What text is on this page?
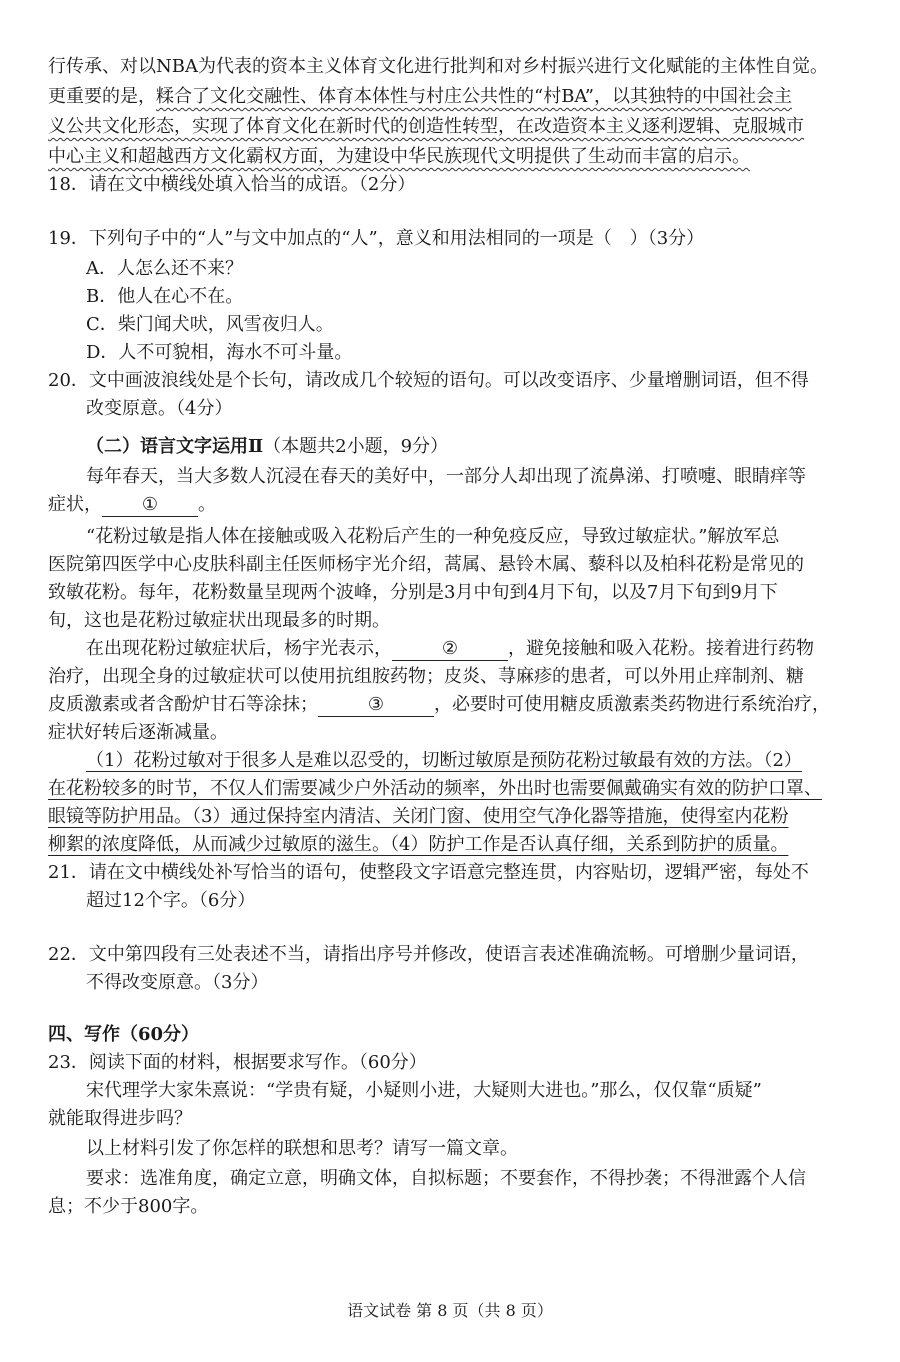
行传承、对以NBA为代表的资本主义体育文化进行批判和对乡村振兴进行文化赋能的主体性自觉。
更重要的是，糅合了文化交融性、体育本体性与村庄公共性的“村BA”，以其独特的中国社会主
义公共文化形态，实现了体育文化在新时代的创造性转型，在改造资本主义逐利逻辑、克服城市
中心主义和超越西方文化霸权方面，为建设中华民族现代文明提供了生动而丰富的启示。
18．请在文中横线处填入恰当的成语。（2分）
19．下列句子中的“人”与文中加点的“人”，意义和用法相同的一项是（　）（3分）
A．人怎么还不来？
B．他人在心不在。
C．柴门闻犬吠，风雪夜归人。
D．人不可貌相，海水不可斗量。
20．文中画波浪线处是个长句，请改成几个较短的语句。可以改变语序、少量增删词语，但不得
改变原意。（4分）
（二）语言文字运用Ⅱ（本题共2小题，9分）
每年春天，当大多数人沉浸在春天的美好中，一部分人却出现了流鼻涕、打喷嚏、眼睛痒等
症状， ① 。
“花粉过敏是指人体在接触或吸入花粉后产生的一种免疫反应，导致过敏症状。”解放军总
医院第四医学中心皮肤科副主任医师杨宇光介绍，蒿属、悬铃木属、藜科以及柏科花粉是常见的
致敏花粉。每年，花粉数量呈现两个波峰，分别是3月中旬到4月下旬，以及7月下旬到9月下
旬，这也是花粉过敏症状出现最多的时期。
在出现花粉过敏症状后，杨宇光表示，	②	，避免接触和吸入花粉。接着进行药物
治疗，出现全身的过敏症状可以使用抗组胺药物；皮炎、荨麻疹的患者，可以外用止痒制剂、糖
皮质激素或者含酚炉甘石等涂抹；	③	，必要时可使用糖皮质激素类药物进行系统治疗，
症状好转后逐渐减量。
（1）花粉过敏对于很多人是难以忍受的，切断过敏原是预防花粉过敏最有效的方法。（2）
在花粉较多的时节，不仅人们需要减少户外活动的频率，外出时也需要佩戴确实有效的防护口罩、
眼镜等防护用品。（3）通过保持室内清洁、关闭门窗、使用空气净化器等措施，使得室内花粉
柳絮的浓度降低，从而减少过敏原的滋生。（4）防护工作是否认真仔细，关系到防护的质量。
21．请在文中横线处补写恰当的语句，使整段文字语意完整连贯，内容贴切，逻辑严密，每处不
超过12个字。（6分）
22．文中第四段有三处表述不当，请指出序号并修改，使语言表述准确流畅。可增删少量词语，
不得改变原意。（3分）
四、写作（60分）
23．阅读下面的材料，根据要求写作。（60分）
宋代理学大家朱熹说：“学贵有疑，小疑则小进，大疑则大进也。”那么，仅仅靠“质疑”
就能取得进步吗？
以上材料引发了你怎样的联想和思考？请写一篇文章。
要求：选准角度，确定立意，明确文体，自拟标题；不要套作，不得抄袭；不得泄露个人信
息；不少于800字。
语文试卷 第 8 页（共 8 页）
